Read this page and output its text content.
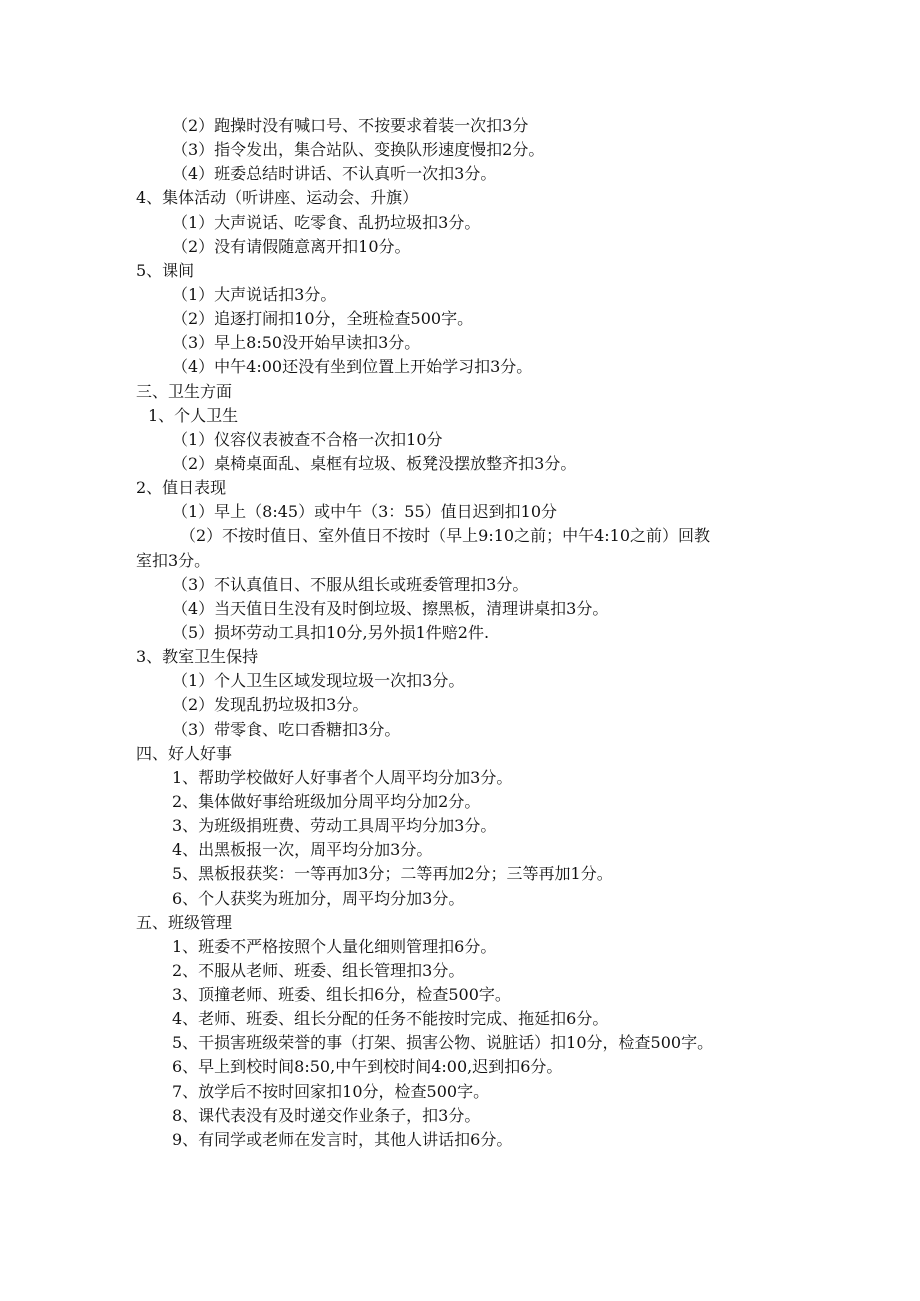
（2）跑操时没有喊口号、不按要求着装一次扣3分
（3）指令发出，集合站队、变换队形速度慢扣2分。
（4）班委总结时讲话、不认真听一次扣3分。
4、集体活动（听讲座、运动会、升旗）
（1）大声说话、吃零食、乱扔垃圾扣3分。
（2）没有请假随意离开扣10分。
5、课间
（1）大声说话扣3分。
（2）追逐打闹扣10分，全班检查500字。
（3）早上8:50没开始早读扣3分。
（4）中午4:00还没有坐到位置上开始学习扣3分。
三、卫生方面
1、个人卫生
（1）仪容仪表被查不合格一次扣10分
（2）桌椅桌面乱、桌框有垃圾、板凳没摆放整齐扣3分。
2、值日表现
（1）早上（8:45）或中午（3：55）值日迟到扣10分
（2）不按时值日、室外值日不按时（早上9:10之前；中午4:10之前）回教
室扣3分。
（3）不认真值日、不服从组长或班委管理扣3分。
（4）当天值日生没有及时倒垃圾、擦黑板，清理讲桌扣3分。
（5）损坏劳动工具扣10分,另外损1件赔2件.
3、教室卫生保持
（1）个人卫生区域发现垃圾一次扣3分。
（2）发现乱扔垃圾扣3分。
（3）带零食、吃口香糖扣3分。
四、好人好事
1、帮助学校做好人好事者个人周平均分加3分。
2、集体做好事给班级加分周平均分加2分。
3、为班级捐班费、劳动工具周平均分加3分。
4、出黑板报一次，周平均分加3分。
5、黑板报获奖：一等再加3分；二等再加2分；三等再加1分。
6、个人获奖为班加分，周平均分加3分。
五、班级管理
1、班委不严格按照个人量化细则管理扣6分。
2、不服从老师、班委、组长管理扣3分。
3、顶撞老师、班委、组长扣6分，检查500字。
4、老师、班委、组长分配的任务不能按时完成、拖延扣6分。
5、干损害班级荣誉的事（打架、损害公物、说脏话）扣10分，检查500字。
6、早上到校时间8:50,中午到校时间4:00,迟到扣6分。
7、放学后不按时回家扣10分，检查500字。
8、课代表没有及时递交作业条子，扣3分。
9、有同学或老师在发言时，其他人讲话扣6分。
